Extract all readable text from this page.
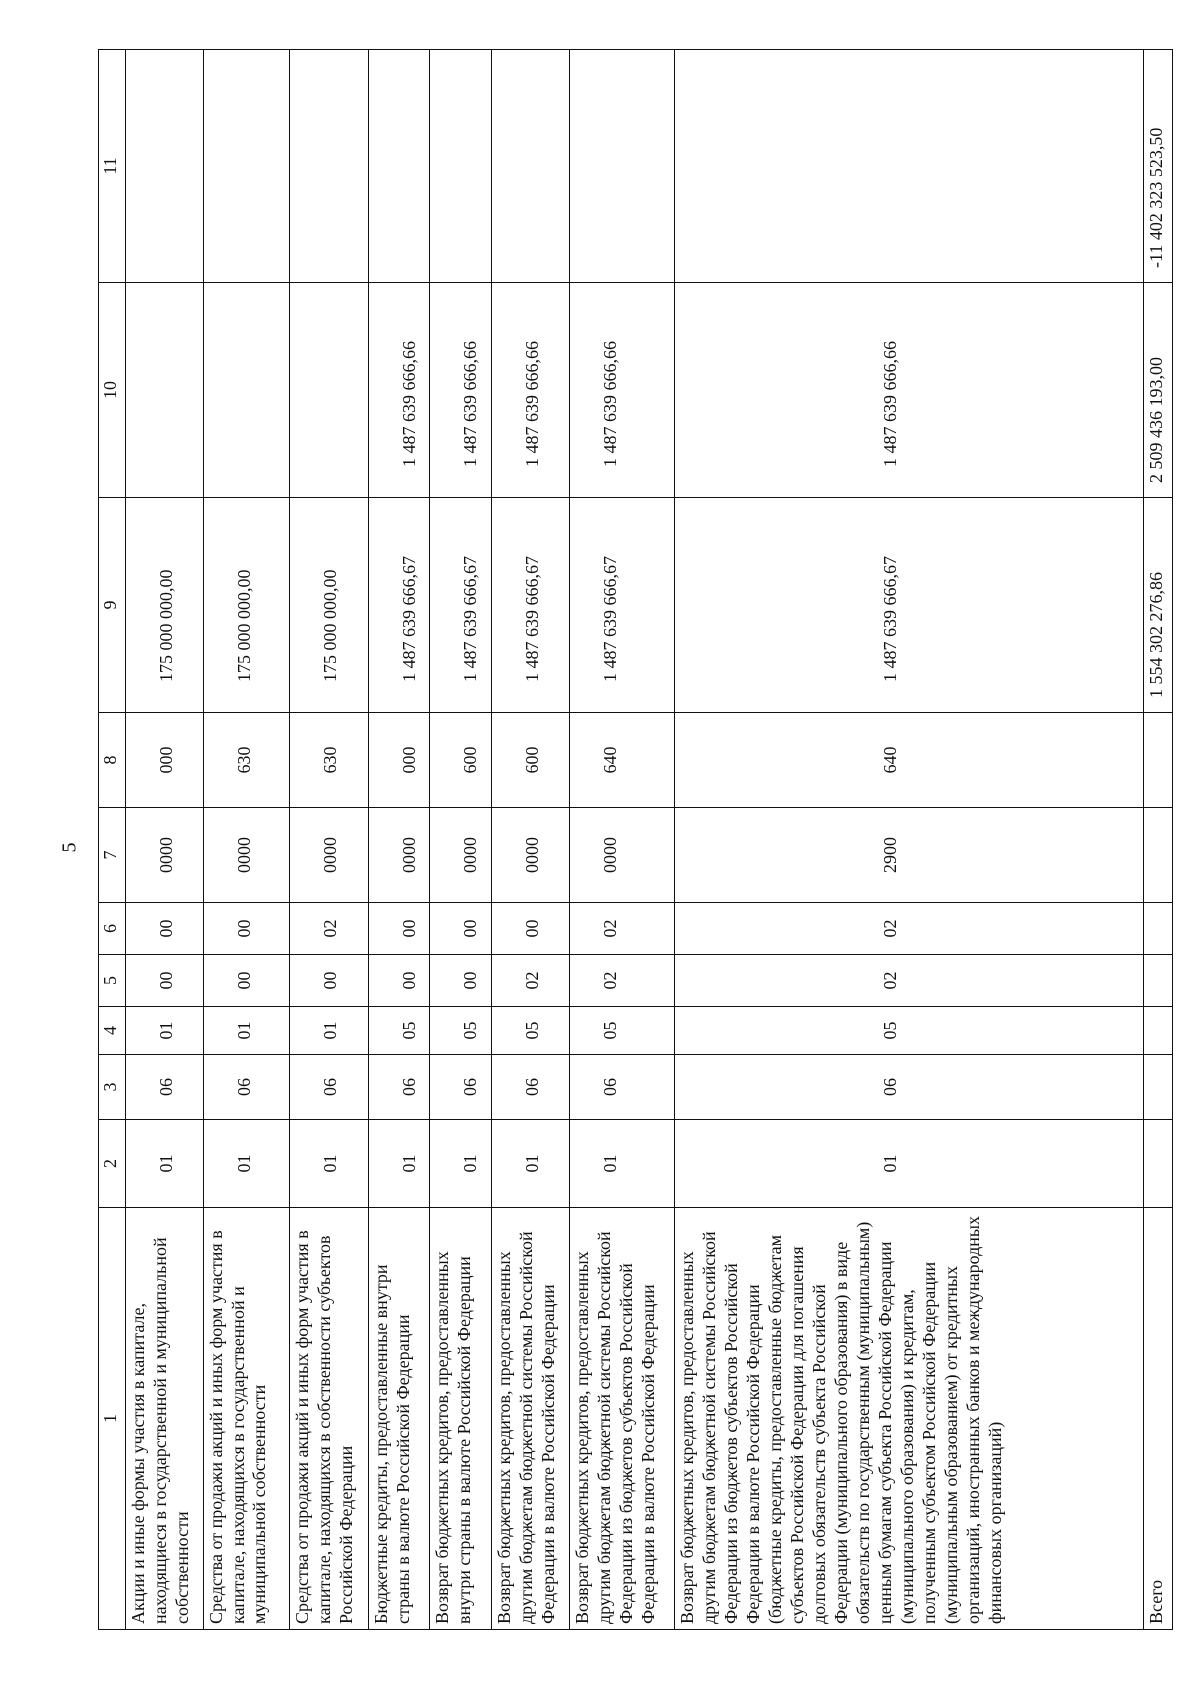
5
1	2	3	4	5	6	7	8	9	10	11
Акции и иные формы участия в капитале, находящиеся в государственной и муниципальной собственности	01	06	01	00	00	0000	000	175 000 000,00		
Средства от продажи акций и иных форм участия в капитале, находящихся в государственной и муниципальной собственности	01	06	01	00	00	0000	630	175 000 000,00		
Средства от продажи акций и иных форм участия в капитале, находящихся в собственности субъектов Российской Федерации	01	06	01	00	02	0000	630	175 000 000,00		
Бюджетные кредиты, предоставленные внутри страны в валюте Российской Федерации	01	06	05	00	00	0000	000	1 487 639 666,67	1 487 639 666,66	
Возврат бюджетных кредитов, предоставленных внутри страны в валюте Российской Федерации	01	06	05	00	00	0000	600	1 487 639 666,67	1 487 639 666,66	
Возврат бюджетных кредитов, предоставленных другим бюджетам бюджетной системы Российской Федерации в валюте Российской Федерации	01	06	05	02	00	0000	600	1 487 639 666,67	1 487 639 666,66	
Возврат бюджетных кредитов, предоставленных другим бюджетам бюджетной системы Российской Федерации из бюджетов субъектов Российской Федерации в валюте Российской Федерации	01	06	05	02	02	0000	640	1 487 639 666,67	1 487 639 666,66	
Возврат бюджетных кредитов, предоставленных другим бюджетам бюджетной системы Российской Федерации из бюджетов субъектов Российской Федерации в валюте Российской Федерации (бюджетные кредиты, предоставленные бюджетам субъектов Российской Федерации для погашения долговых обязательств субъекта Российской Федерации (муниципального образования) в виде обязательств по государственным (муниципальным) ценным бумагам субъекта Российской Федерации (муниципального образования) и кредитам, полученным субъектом Российской Федерации (муниципальным образованием) от кредитных организаций, иностранных банков и международных финансовых организаций)	01	06	05	02	02	2900	640	1 487 639 666,67	1 487 639 666,66	
Всего								1 554 302 276,86	2 509 436 193,00	-11 402 323 523,50
